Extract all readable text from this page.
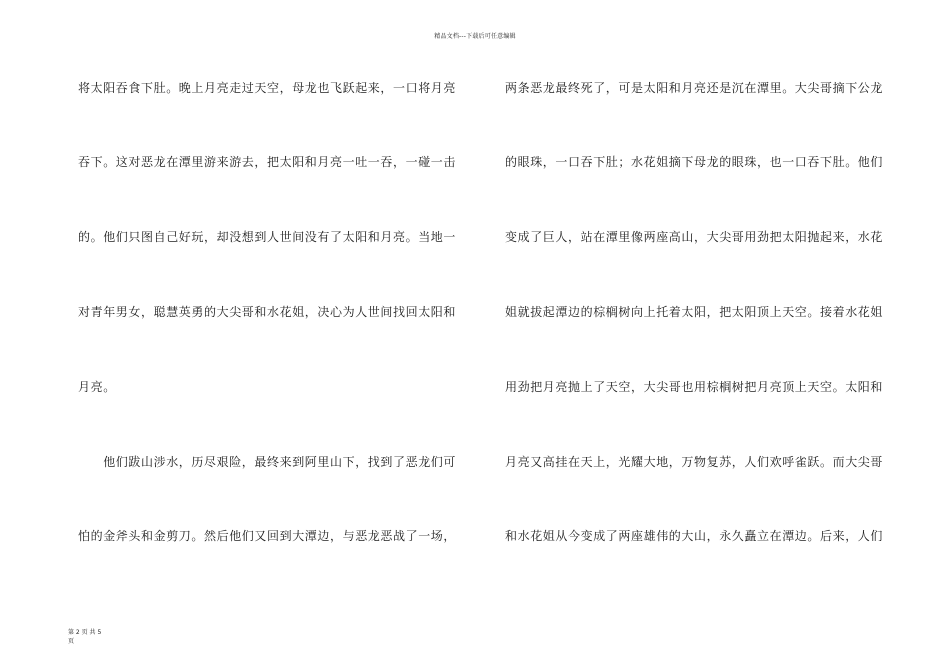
精品文档---下载后可任意编辑
将太阳吞食下肚。晚上月亮走过天空，母龙也飞跃起来，一口将月亮
吞下。这对恶龙在潭里游来游去，把太阳和月亮一吐一吞，一碰一击
的。他们只图自己好玩，却没想到人世间没有了太阳和月亮。当地一
对青年男女，聪慧英勇的大尖哥和水花姐，决心为人世间找回太阳和
月亮。
　　他们跋山涉水，历尽艰险，最终来到阿里山下，找到了恶龙们可
怕的金斧头和金剪刀。然后他们又回到大潭边，与恶龙恶战了一场，
两条恶龙最终死了，可是太阳和月亮还是沉在潭里。大尖哥摘下公龙
的眼珠，一口吞下肚；水花姐摘下母龙的眼珠，也一口吞下肚。他们
变成了巨人，站在潭里像两座高山，大尖哥用劲把太阳抛起来，水花
姐就拔起潭边的棕榈树向上托着太阳，把太阳顶上天空。接着水花姐
用劲把月亮抛上了天空，大尖哥也用棕榈树把月亮顶上天空。太阳和
月亮又高挂在天上，光耀大地，万物复苏，人们欢呼雀跃。而大尖哥
和水花姐从今变成了两座雄伟的大山，永久矗立在潭边。后来，人们
第 2 页 共 5
页
